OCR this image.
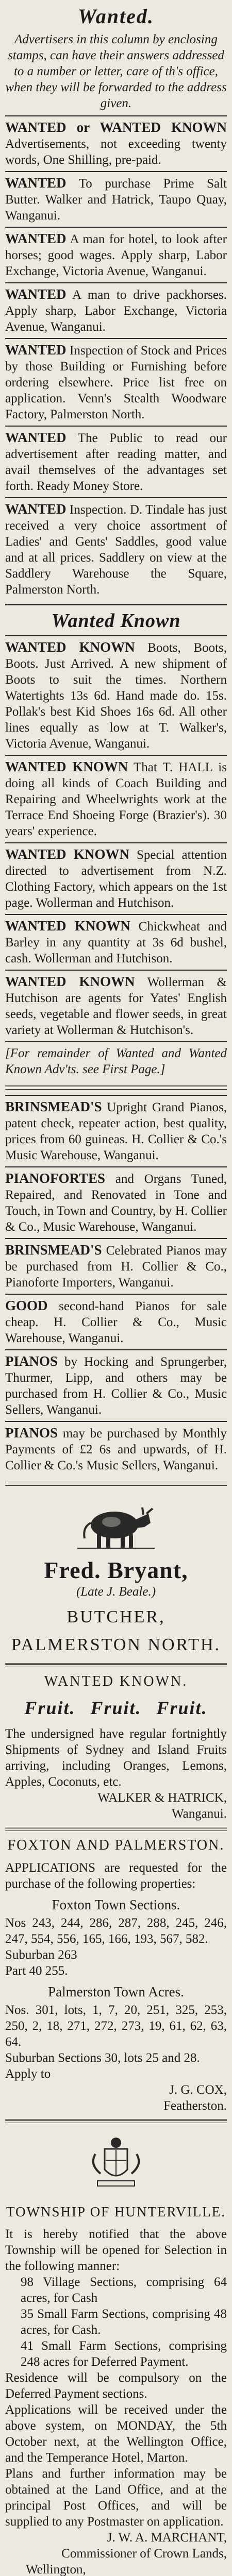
Wanted.
Advertisers in this column by enclosing stamps, can have their answers addressed to a number or letter, care of th's office, when they will be forwarded to the address given.
WANTED or WANTED KNOWN Advertisements, not exceeding twenty words, One Shilling, pre-paid.
WANTED To purchase Prime Salt Butter. Walker and Hatrick, Taupo Quay, Wanganui.
WANTED A man for hotel, to look after horses; good wages. Apply sharp, Labor Exchange, Victoria Avenue, Wanganui.
WANTED A man to drive packhorses. Apply sharp, Labor Exchange, Victoria Avenue, Wanganui.
WANTED Inspection of Stock and Prices by those Building or Furnishing before ordering elsewhere. Price list free on application. Venn's Stealth Woodware Factory, Palmerston North.
WANTED The Public to read our advertisement after reading matter, and avail themselves of the advantages set forth. Ready Money Store.
WANTED Inspection. D. Tindale has just received a very choice assortment of Ladies' and Gents' Saddles, good value and at all prices. Saddlery on view at the Saddlery Warehouse the Square, Palmerston North.
Wanted Known
WANTED KNOWN Boots, Boots, Boots. Just Arrived. A new shipment of Boots to suit the times. Northern Watertights 13s 6d. Hand made do. 15s. Pollak's best Kid Shoes 16s 6d. All other lines equally as low at T. Walker's, Victoria Avenue, Wanganui.
WANTED KNOWN That T. HALL is doing all kinds of Coach Building and Repairing and Wheelwrights work at the Terrace End Shoeing Forge (Brazier's). 30 years' experience.
WANTED KNOWN Special attention directed to advertisement from N.Z. Clothing Factory, which appears on the 1st page. Wollerman and Hutchison.
WANTED KNOWN Chickwheat and Barley in any quantity at 3s 6d bushel, cash. Wollerman and Hutchison.
WANTED KNOWN Wollerman & Hutchison are agents for Yates' English seeds, vegetable and flower seeds, in great variety at Wollerman & Hutchison's.
[For remainder of Wanted and Wanted Known Adv'ts. see First Page.]
BRINSMEAD'S Upright Grand Pianos, patent check, repeater action, best quality, prices from 60 guineas. H. Collier & Co.'s Music Warehouse, Wanganui.
PIANOFORTES and Organs Tuned, Repaired, and Renovated in Tone and Touch, in Town and Country, by H. Collier & Co., Music Warehouse, Wanganui.
BRINSMEAD'S Celebrated Pianos may be purchased from H. Collier & Co., Pianoforte Importers, Wanganui.
GOOD second-hand Pianos for sale cheap. H. Collier & Co., Music Warehouse, Wanganui.
PIANOS by Hocking and Sprungerber, Thurmer, Lipp, and others may be purchased from H. Collier & Co., Music Sellers, Wanganui.
PIANOS may be purchased by Monthly Payments of £2 6s and upwards, of H. Collier & Co.'s Music Sellers, Wanganui.
Fred. Bryant,
(Late J. Beale.)
BUTCHER,
PALMERSTON NORTH.
WANTED KNOWN.
Fruit. Fruit. Fruit.
The undersigned have regular fortnightly Shipments of Sydney and Island Fruits arriving, including Oranges, Lemons, Apples, Coconuts, etc.
WALKER & HATRICK,
Wanganui.
FOXTON AND PALMERSTON.
APPLICATIONS are requested for the purchase of the following properties:
Foxton Town Sections.
Nos 243, 244, 286, 287, 288, 245, 246, 247, 554, 556, 165, 166, 193, 567, 582.
Suburban 263
Part 40 255.
Palmerston Town Acres.
Nos. 301, lots, 1, 7, 20, 251, 325, 253, 250, 2, 18, 271, 272, 273, 19, 61, 62, 63, 64.
Suburban Sections 30, lots 25 and 28.
Apply to
J. G. COX,
Featherston.
TOWNSHIP OF HUNTERVILLE.
It is hereby notified that the above Township will be opened for Selection in the following manner:
98 Village Sections, comprising 64 acres, for Cash
35 Small Farm Sections, comprising 48 acres, for Cash.
41 Small Farm Sections, comprising 248 acres for Deferred Payment.
Residence will be compulsory on the Deferred Payment sections.
Applications will be received under the above system, on MONDAY, the 5th October next, at the Wellington Office, and the Temperance Hotel, Marton.
Plans and further information may be obtained at the Land Office, and at the principal Post Offices, and will be supplied to any Postmaster on application.
J. W. A. MARCHANT,
Commissioner of Crown Lands,
Wellington,
